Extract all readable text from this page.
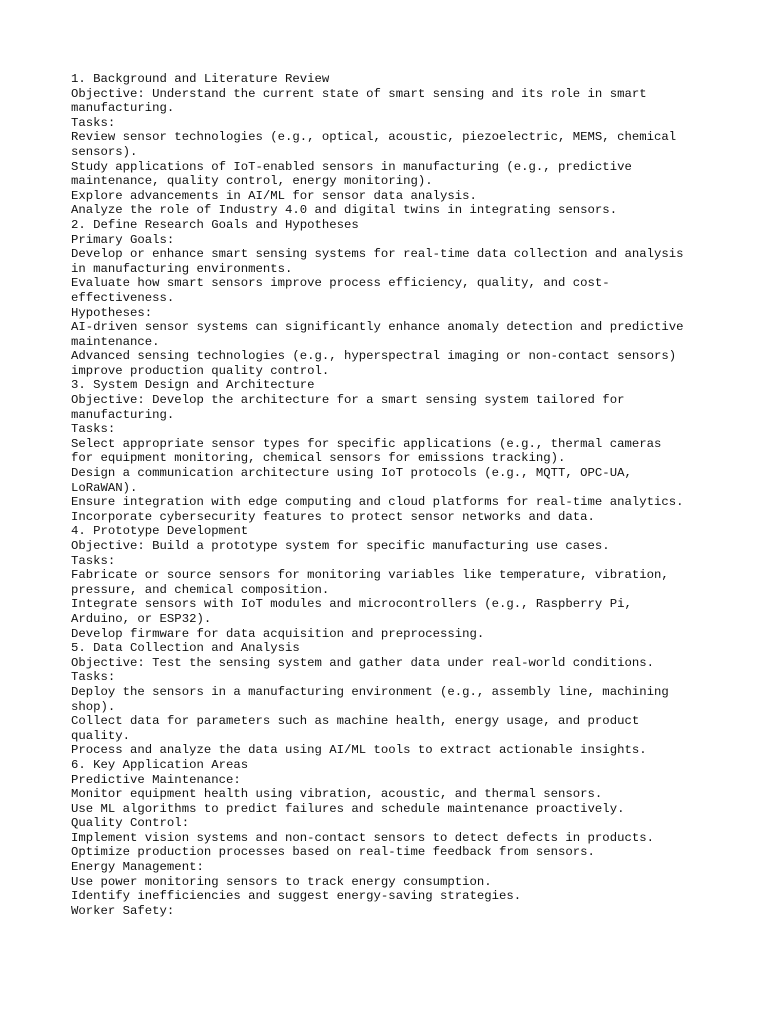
1. Background and Literature Review
Objective: Understand the current state of smart sensing and its role in smart
manufacturing.
Tasks:
Review sensor technologies (e.g., optical, acoustic, piezoelectric, MEMS, chemical
sensors).
Study applications of IoT-enabled sensors in manufacturing (e.g., predictive
maintenance, quality control, energy monitoring).
Explore advancements in AI/ML for sensor data analysis.
Analyze the role of Industry 4.0 and digital twins in integrating sensors.
2. Define Research Goals and Hypotheses
Primary Goals:
Develop or enhance smart sensing systems for real-time data collection and analysis
in manufacturing environments.
Evaluate how smart sensors improve process efficiency, quality, and cost-
effectiveness.
Hypotheses:
AI-driven sensor systems can significantly enhance anomaly detection and predictive
maintenance.
Advanced sensing technologies (e.g., hyperspectral imaging or non-contact sensors)
improve production quality control.
3. System Design and Architecture
Objective: Develop the architecture for a smart sensing system tailored for
manufacturing.
Tasks:
Select appropriate sensor types for specific applications (e.g., thermal cameras
for equipment monitoring, chemical sensors for emissions tracking).
Design a communication architecture using IoT protocols (e.g., MQTT, OPC-UA,
LoRaWAN).
Ensure integration with edge computing and cloud platforms for real-time analytics.
Incorporate cybersecurity features to protect sensor networks and data.
4. Prototype Development
Objective: Build a prototype system for specific manufacturing use cases.
Tasks:
Fabricate or source sensors for monitoring variables like temperature, vibration,
pressure, and chemical composition.
Integrate sensors with IoT modules and microcontrollers (e.g., Raspberry Pi,
Arduino, or ESP32).
Develop firmware for data acquisition and preprocessing.
5. Data Collection and Analysis
Objective: Test the sensing system and gather data under real-world conditions.
Tasks:
Deploy the sensors in a manufacturing environment (e.g., assembly line, machining
shop).
Collect data for parameters such as machine health, energy usage, and product
quality.
Process and analyze the data using AI/ML tools to extract actionable insights.
6. Key Application Areas
Predictive Maintenance:
Monitor equipment health using vibration, acoustic, and thermal sensors.
Use ML algorithms to predict failures and schedule maintenance proactively.
Quality Control:
Implement vision systems and non-contact sensors to detect defects in products.
Optimize production processes based on real-time feedback from sensors.
Energy Management:
Use power monitoring sensors to track energy consumption.
Identify inefficiencies and suggest energy-saving strategies.
Worker Safety:
